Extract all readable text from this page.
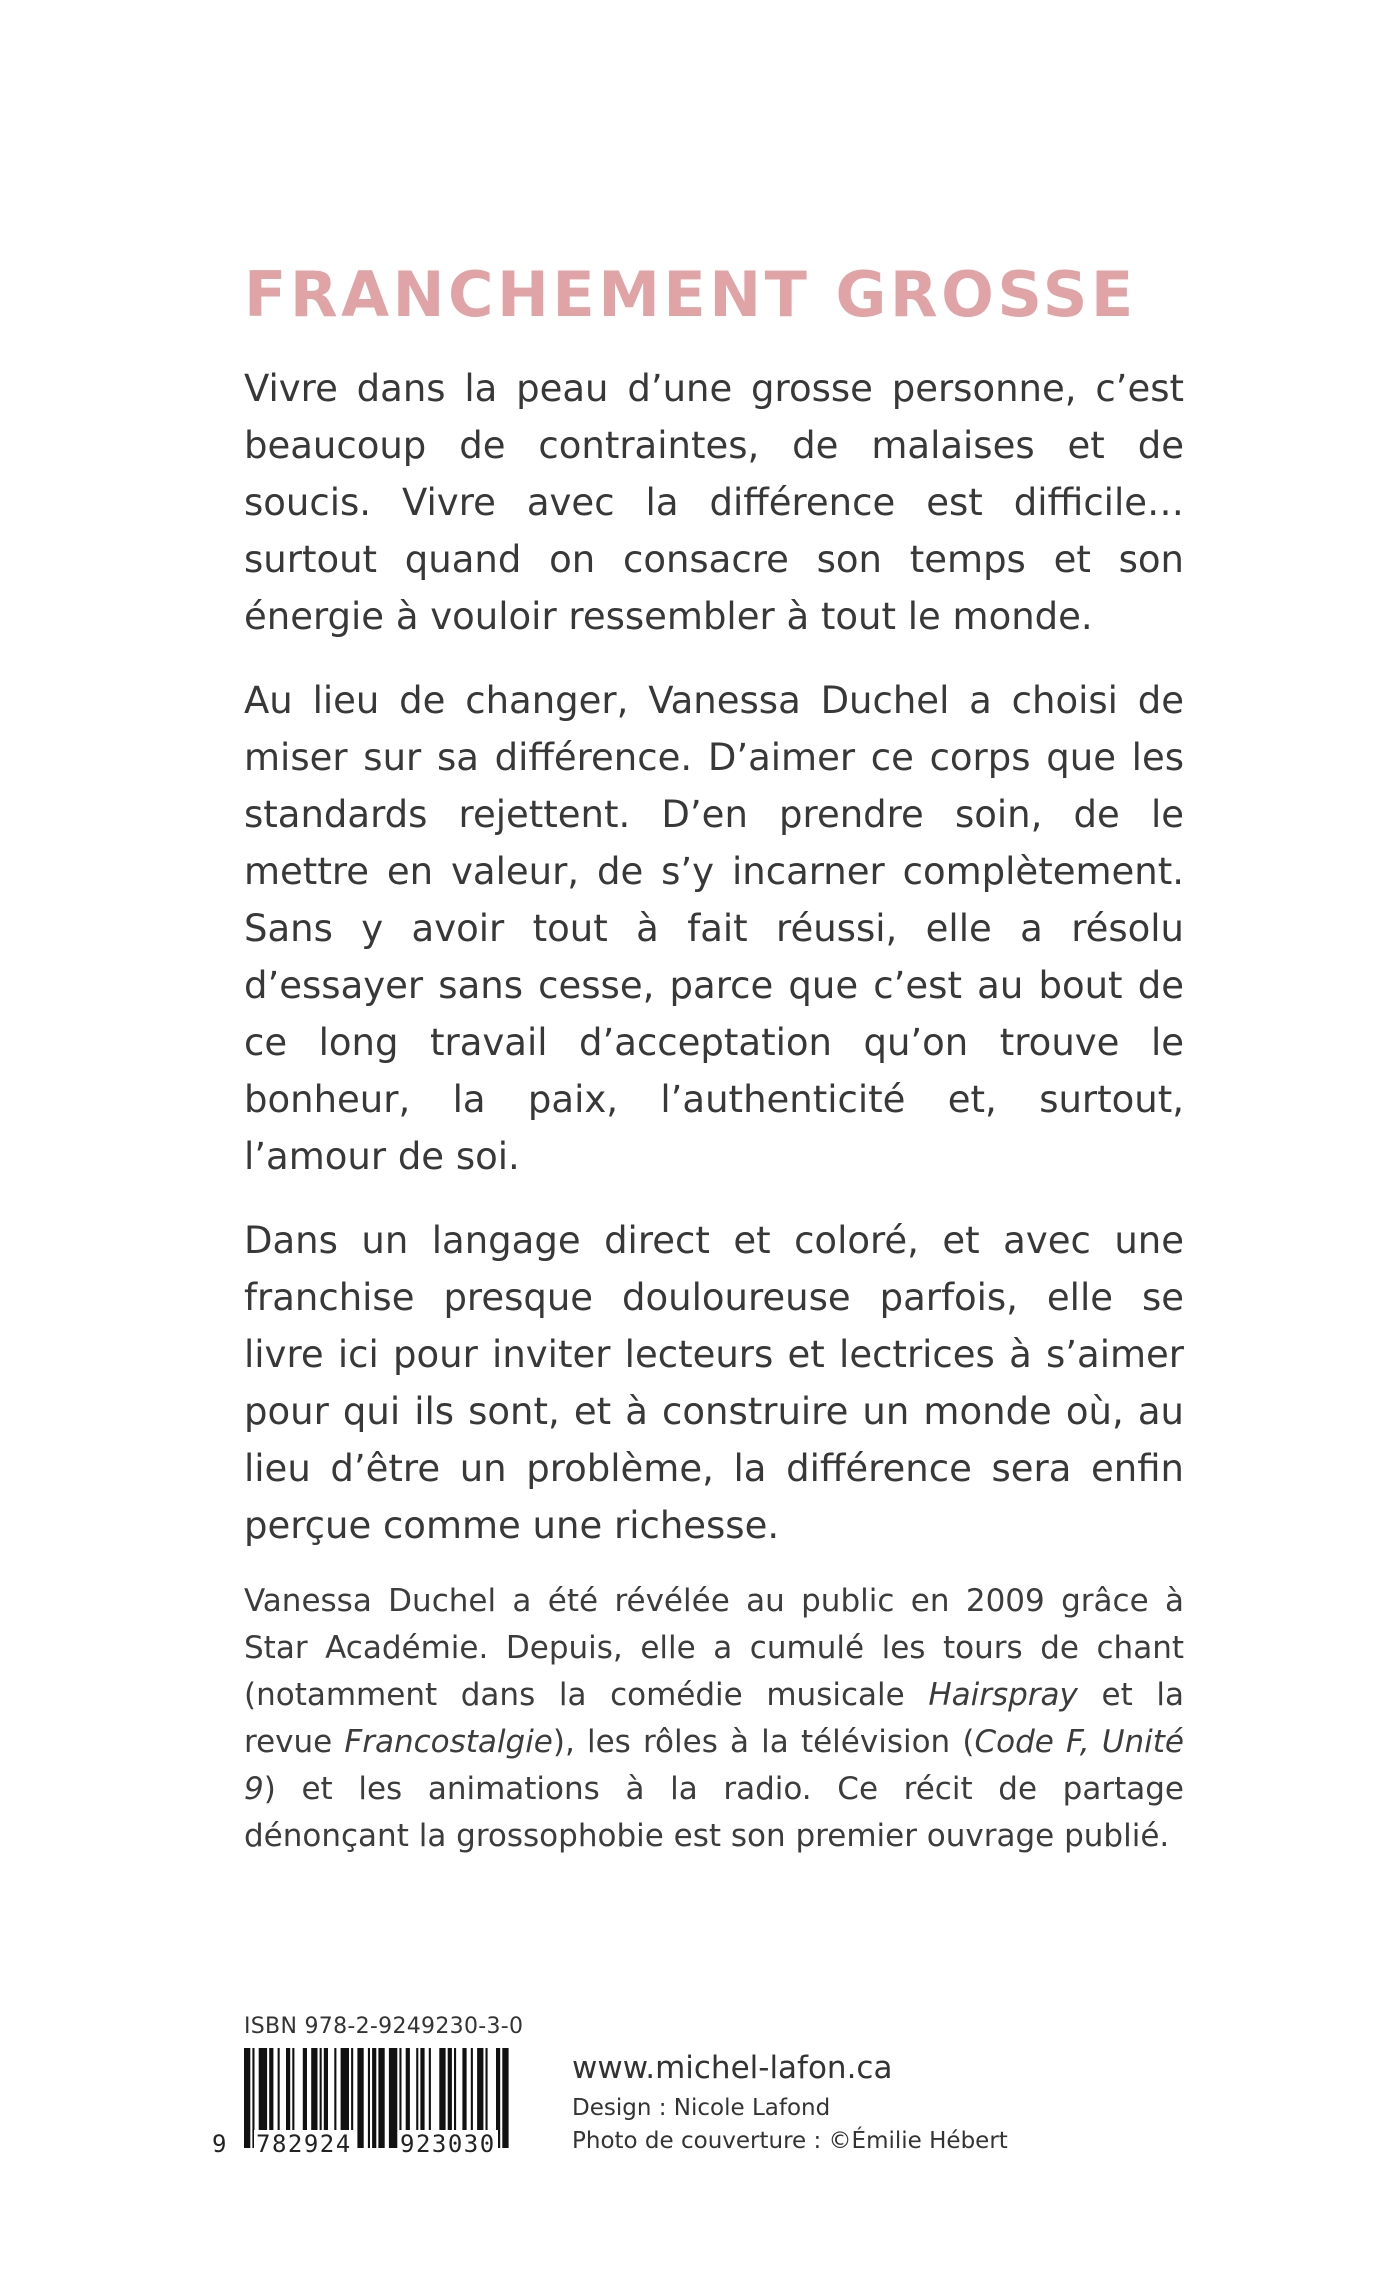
FRANCHEMENT GROSSE

Vivre dans la peau d’une grosse personne, c’est beaucoup de contraintes, de malaises et de soucis. Vivre avec la différence est difficile… surtout quand on consacre son temps et son énergie à vouloir ressembler à tout le monde.

Au lieu de changer, Vanessa Duchel a choisi de miser sur sa différence. D’aimer ce corps que les standards rejettent. D’en prendre soin, de le mettre en valeur, de s’y incarner complètement. Sans y avoir tout à fait réussi, elle a résolu d’essayer sans cesse, parce que c’est au bout de ce long travail d’acceptation qu’on trouve le bonheur, la paix, l’authenticité et, surtout, l’amour de soi.

Dans un langage direct et coloré, et avec une franchise presque douloureuse parfois, elle se livre ici pour inviter lecteurs et lectrices à s’aimer pour qui ils sont, et à construire un monde où, au lieu d’être un problème, la différence sera enfin perçue comme une richesse.

Vanessa Duchel a été révélée au public en 2009 grâce à Star Académie. Depuis, elle a cumulé les tours de chant (notamment dans la comédie musicale Hairspray et la revue Francostalgie), les rôles à la télévision (Code F, Unité 9) et les animations à la radio. Ce récit de partage dénonçant la grossophobie est son premier ouvrage publié.

ISBN 978-2-9249230-3-0
9 782924 923030
www.michel-lafon.ca
Design : Nicole Lafond
Photo de couverture : ©Émilie Hébert
